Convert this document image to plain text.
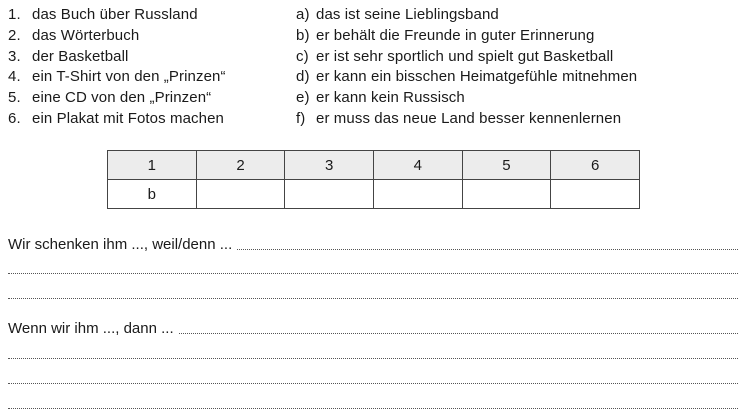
1. das Buch über Russland
2. das Wörterbuch
3. der Basketball
4. ein T-Shirt von den „Prinzen“
5. eine CD von den „Prinzen“
6. ein Plakat mit Fotos machen
a) das ist seine Lieblingsband
b) er behält die Freunde in guter Erinnerung
c) er ist sehr sportlich und spielt gut Basketball
d) er kann ein bisschen Heimatgefühle mitnehmen
e) er kann kein Russisch
f) er muss das neue Land besser kennenlernen
1	2	3	4	5	6
b					
Wir schenken ihm ..., weil/denn ...
Wenn wir ihm ..., dann ...
